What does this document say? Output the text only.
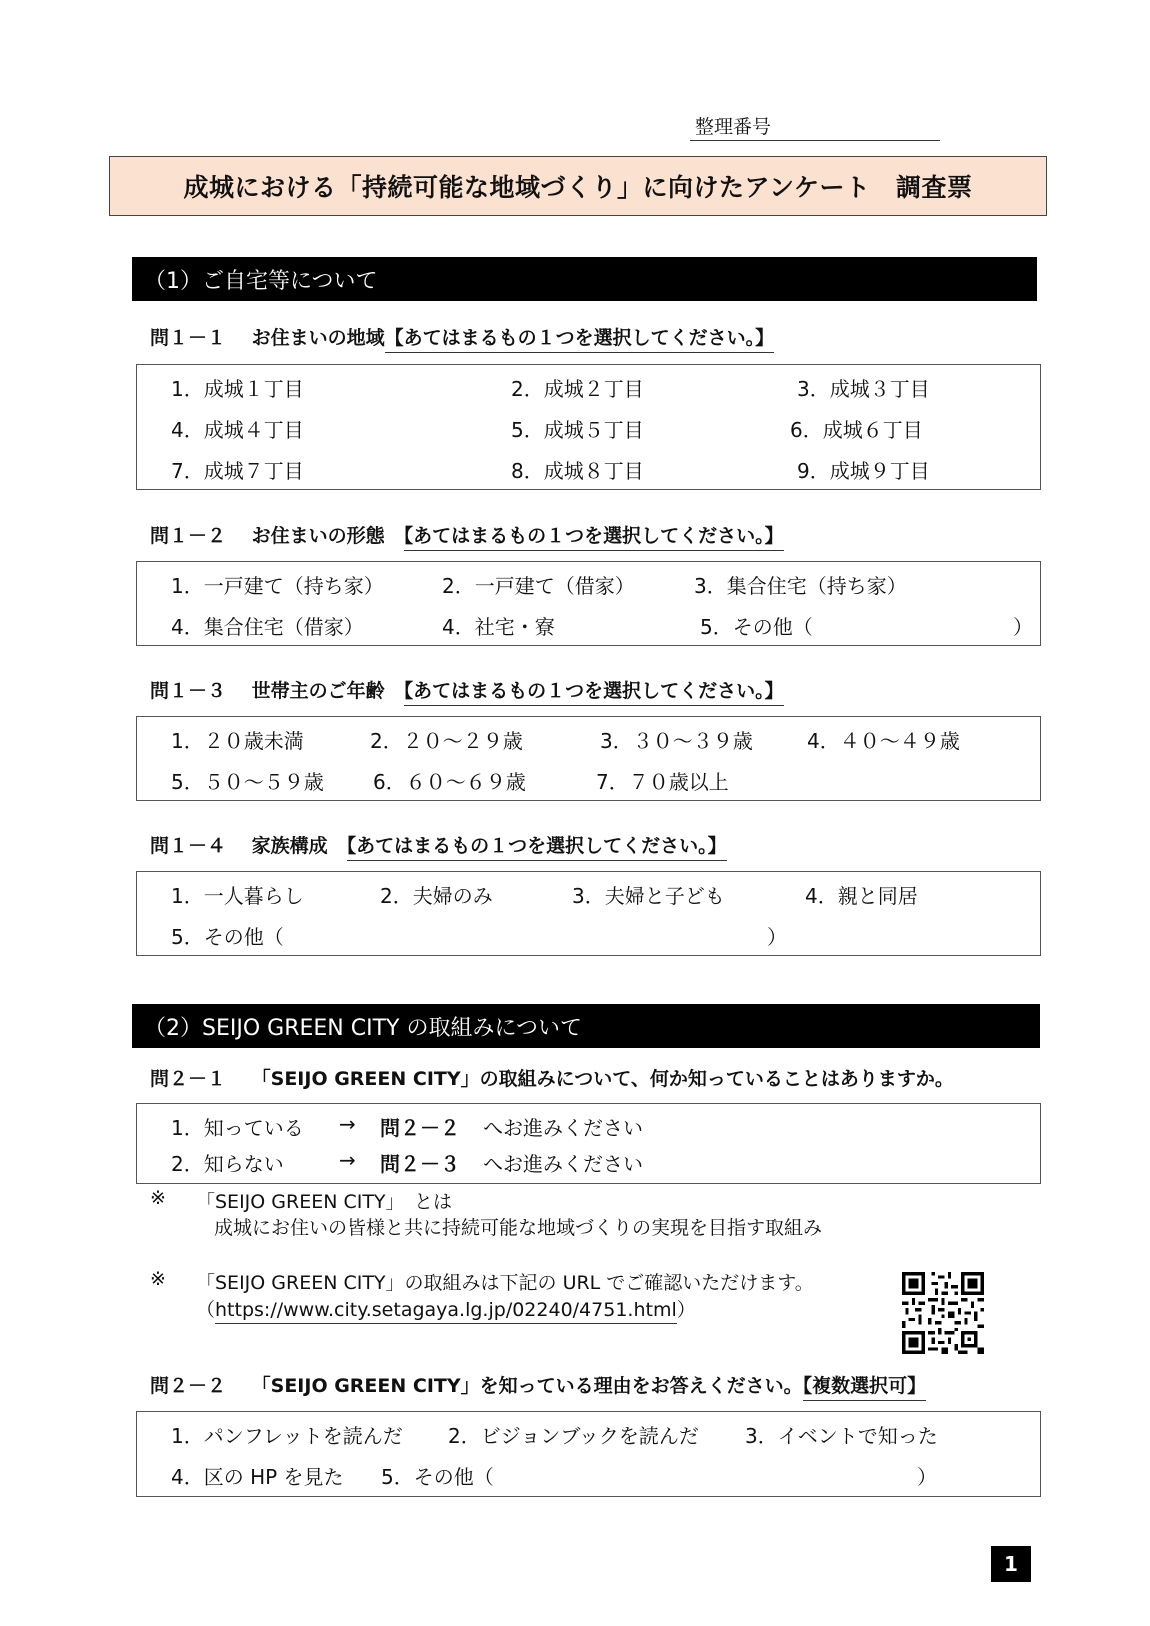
整理番号
成城における「持続可能な地域づくり」に向けたアンケート　調査票
（1）ご自宅等について
問１－１　 お住まいの地域【あてはまるもの１つを選択してください。】
1．成城１丁目	2．成城２丁目	3．成城３丁目
4．成城４丁目	5．成城５丁目	6．成城６丁目
7．成城７丁目	8．成城８丁目	9．成城９丁目
問１－２　 お住まいの形態　 【あてはまるもの１つを選択してください。】
1．一戸建て（持ち家）	2．一戸建て（借家）	3．集合住宅（持ち家）
4．集合住宅（借家）	4．社宅・寮	5．その他（	）
問１－３　 世帯主のご年齢　 【あてはまるもの１つを選択してください。】
1．２０歳未満	2．２０～２９歳	3．３０～３９歳	4．４０～４９歳
5．５０～５９歳 6．６０～６９歳	7．７０歳以上
問１－４　 家族構成　 【あてはまるもの１つを選択してください。】
1．一人暮らし	2．夫婦のみ	3．夫婦と子ども	4．親と同居
5．その他（	）
（2）SEIJO GREEN CITY の取組みについて
問２－１　 「SEIJO GREEN CITY」の取組みについて、何か知っていることはありますか。
1．知っている → 問２－２ へお進みください
2．知らない	→ 問２－３ へお進みください
※ 「SEIJO GREEN CITY」　とは
成城にお住いの皆様と共に持続可能な地域づくりの実現を目指す取組み
※ 「SEIJO GREEN CITY」の取組みは下記の URL でご確認いただけます。
（https://www.city.setagaya.lg.jp/02240/4751.html）
問２－２　 「SEIJO GREEN CITY」を知っている理由をお答えください。【複数選択可】
1．パンフレットを読んだ 2．ビジョンブックを読んだ 3．イベントで知った
4．区の HP を見た 5．その他（	）
1
